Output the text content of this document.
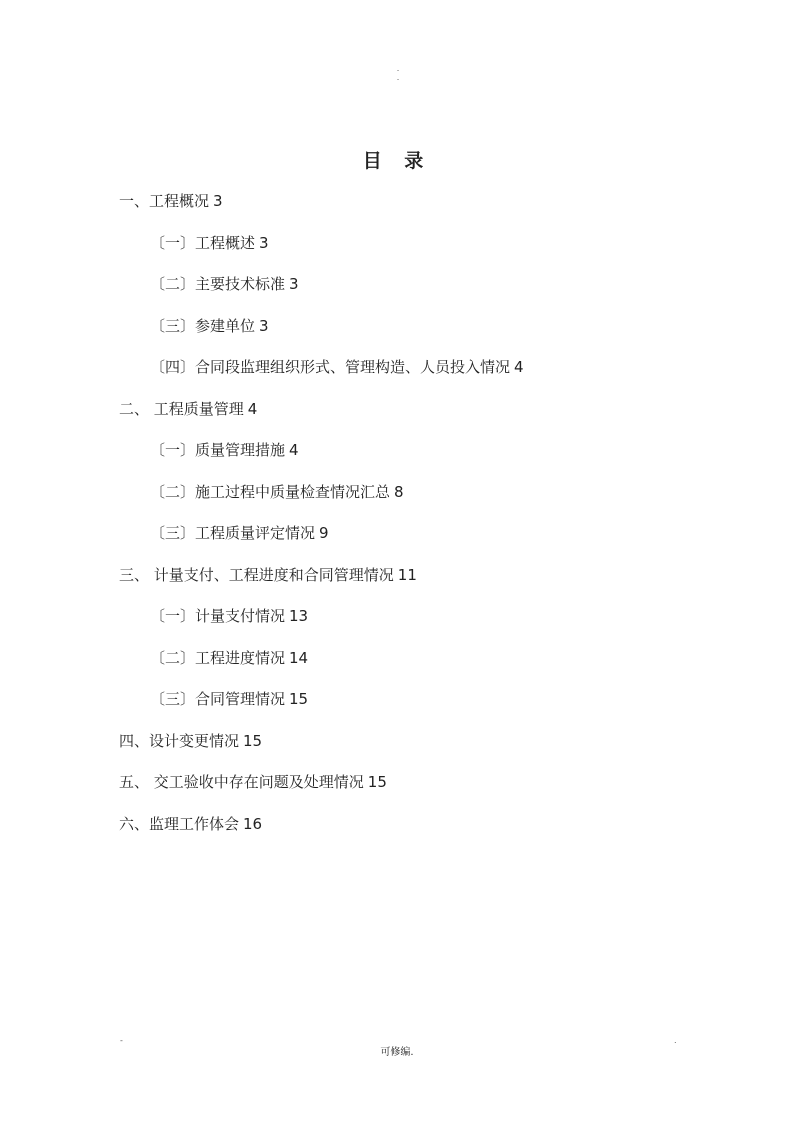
.
.
目 录
一、工程概况 3
〔一〕工程概述 3
〔二〕主要技术标准 3
〔三〕参建单位 3
〔四〕合同段监理组织形式、管理构造、人员投入情况 4
二、 工程质量管理 4
〔一〕质量管理措施 4
〔二〕施工过程中质量检查情况汇总 8
〔三〕工程质量评定情况 9
三、 计量支付、工程进度和合同管理情况 11
〔一〕计量支付情况 13
〔二〕工程进度情况 14
〔三〕合同管理情况 15
四、设计变更情况 15
五、 交工验收中存在问题及处理情况 15
六、监理工作体会 16
-
可修编.
.
